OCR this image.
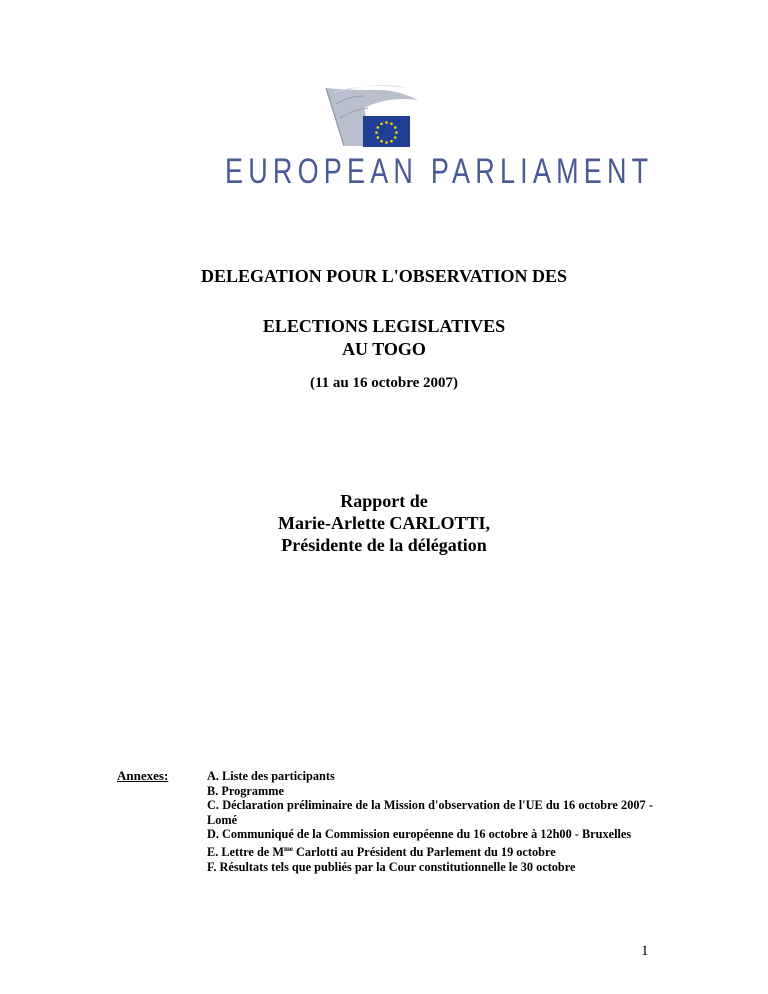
EUROPEAN PARLIAMENT
DELEGATION POUR L'OBSERVATION DES
ELECTIONS LEGISLATIVES
AU TOGO
(11 au 16 octobre 2007)
Rapport de
Marie-Arlette CARLOTTI,
Présidente de la délégation
Annexes:	A. Liste des participants
B. Programme
C. Déclaration préliminaire de la Mission d'observation de l'UE du 16 octobre 2007 - Lomé
D. Communiqué de la Commission européenne du 16 octobre à 12h00 - Bruxelles
E. Lettre de $M^{me}$ Carlotti au Président du Parlement du 19 octobre
F. Résultats tels que publiés par la Cour constitutionnelle le 30 octobre
1
